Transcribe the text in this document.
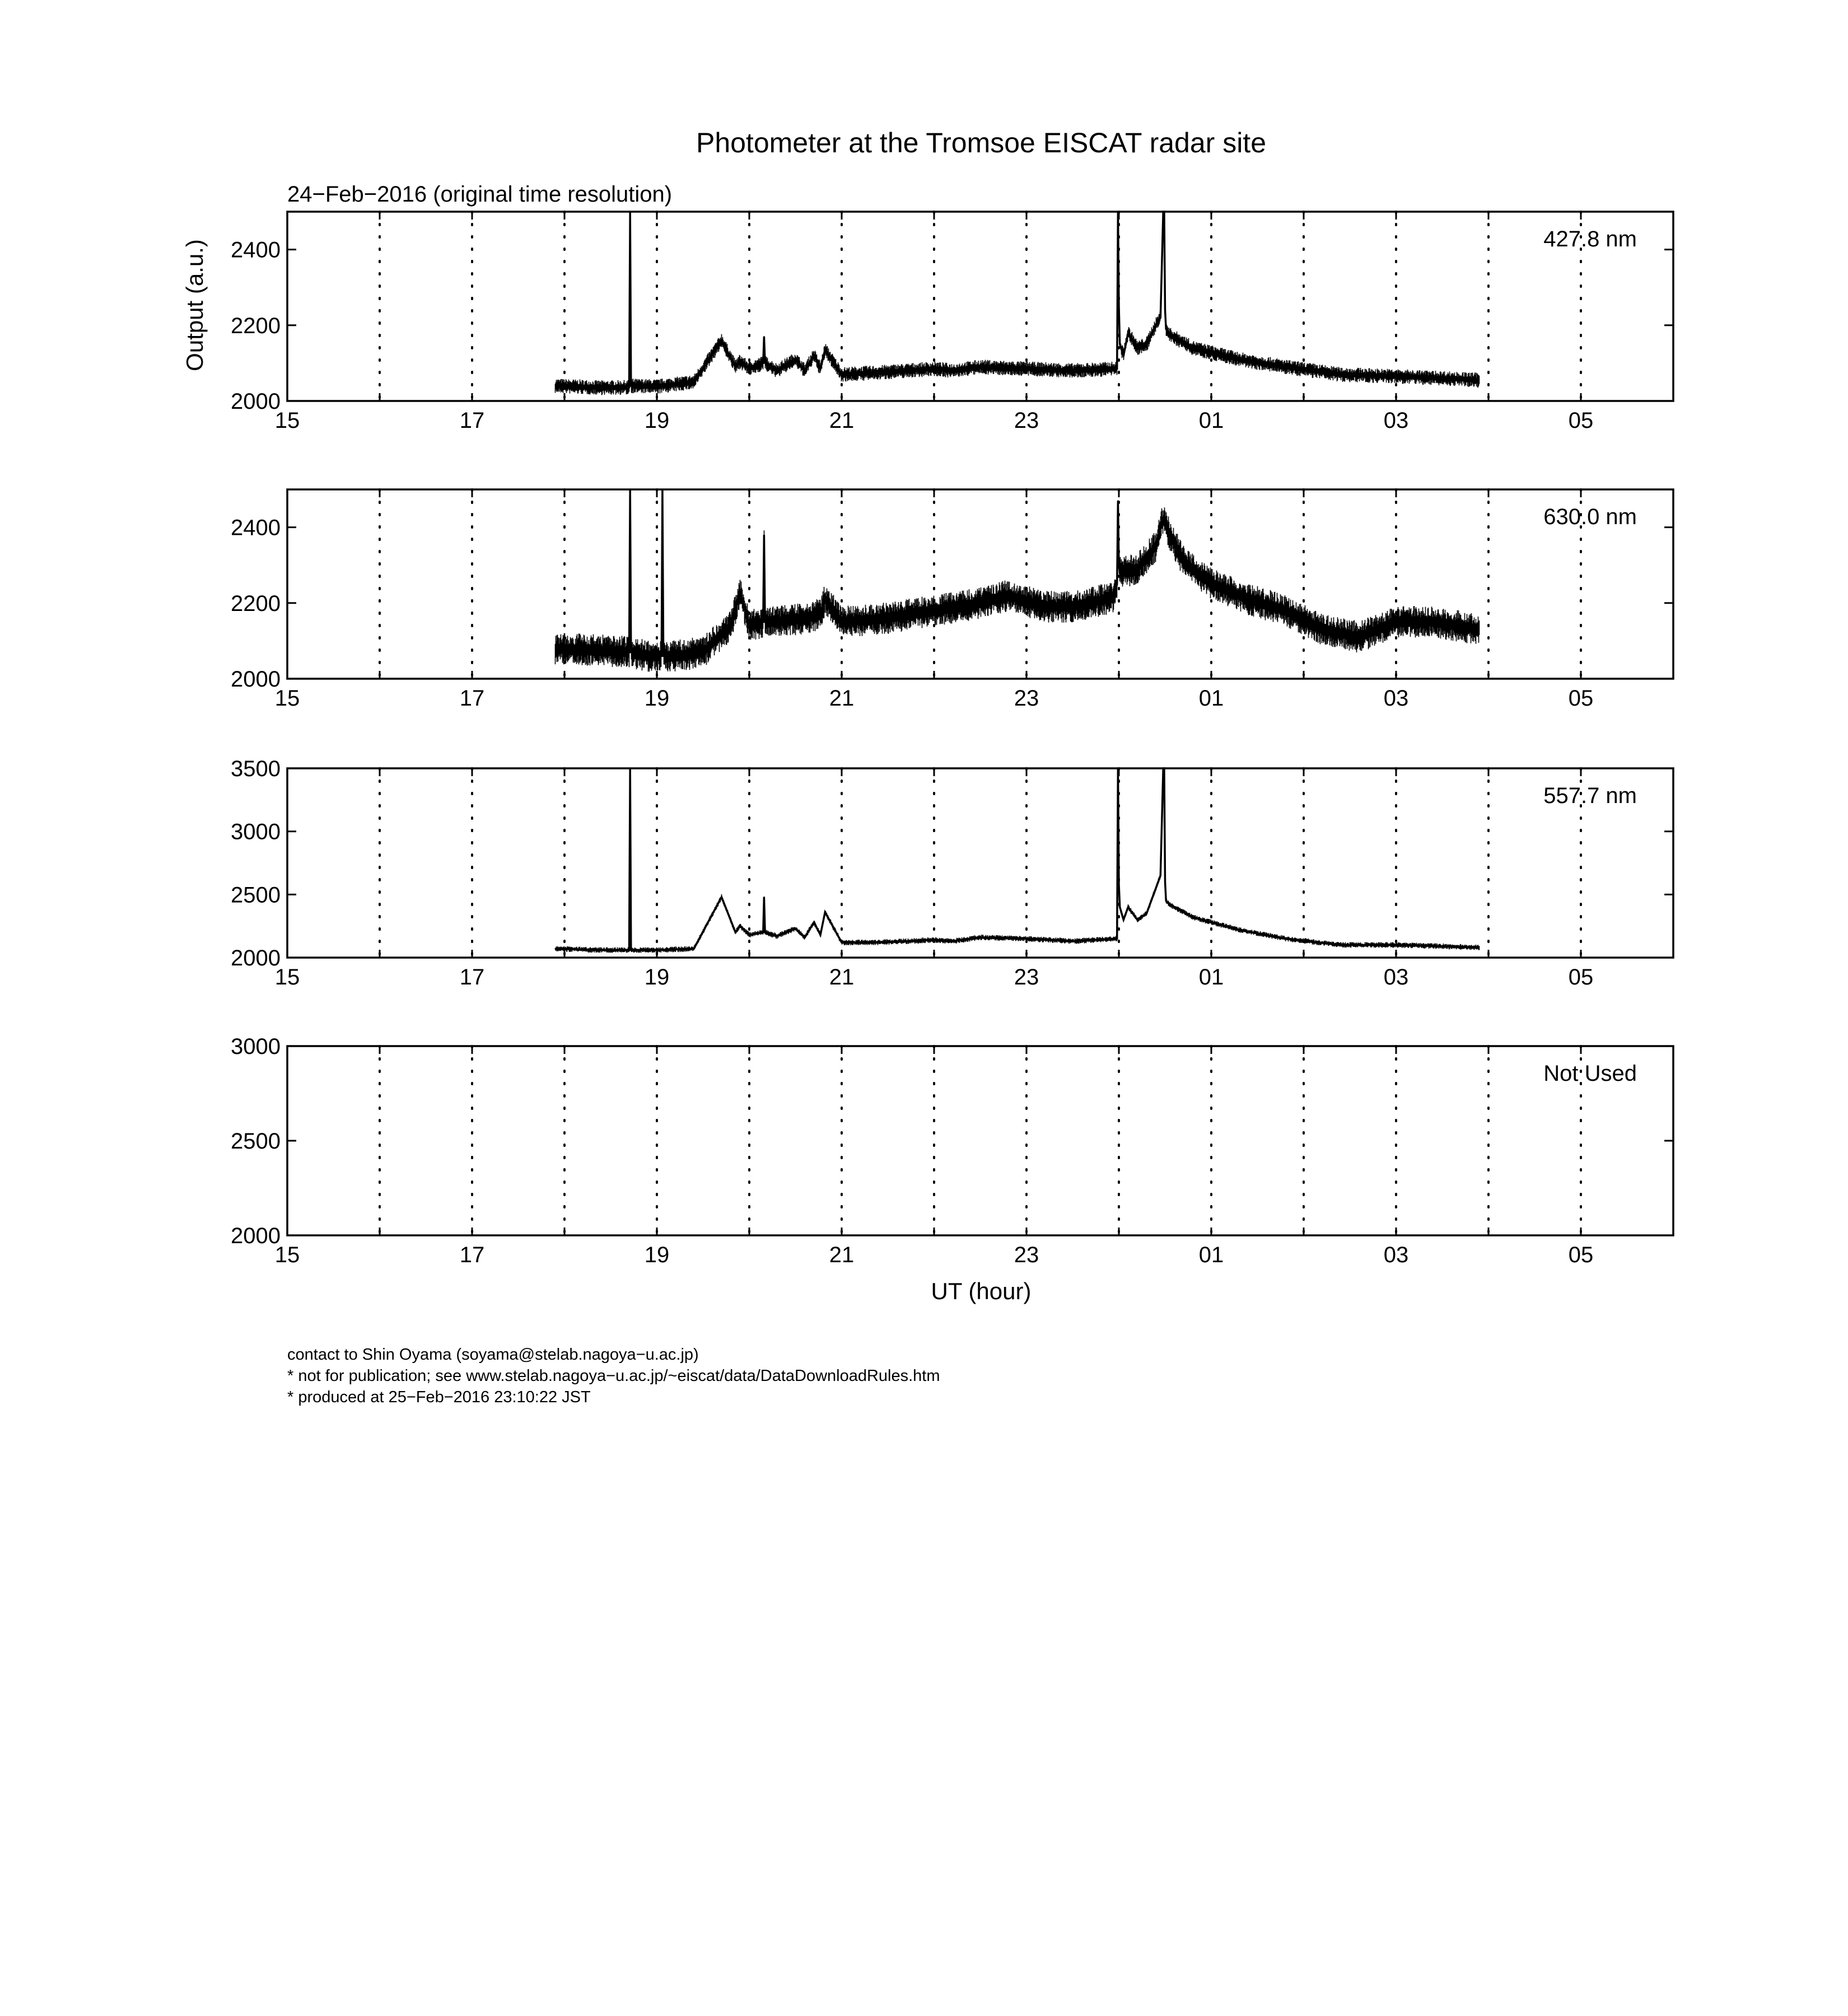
Photometer at the Tromsoe EISCAT radar site
24−Feb−2016 (original time resolution)
Output (a.u.)
UT (hour)
15	17	19	21	23	01	03	05
2000
2200
2400	427.8 nm
15	17	19	21	23	01	03	05
2000
2200
2400	630.0 nm
15	17	19	21	23	01	03	05
2000
2500
3000
3500
557.7 nm
15	17	19	21	23	01	03	05
2000
2500
3000
Not Used
contact to Shin Oyama (soyama@stelab.nagoya−u.ac.jp)
* not for publication; see www.stelab.nagoya−u.ac.jp/~eiscat/data/DataDownloadRules.htm
* produced at 25−Feb−2016 23:10:22 JST
